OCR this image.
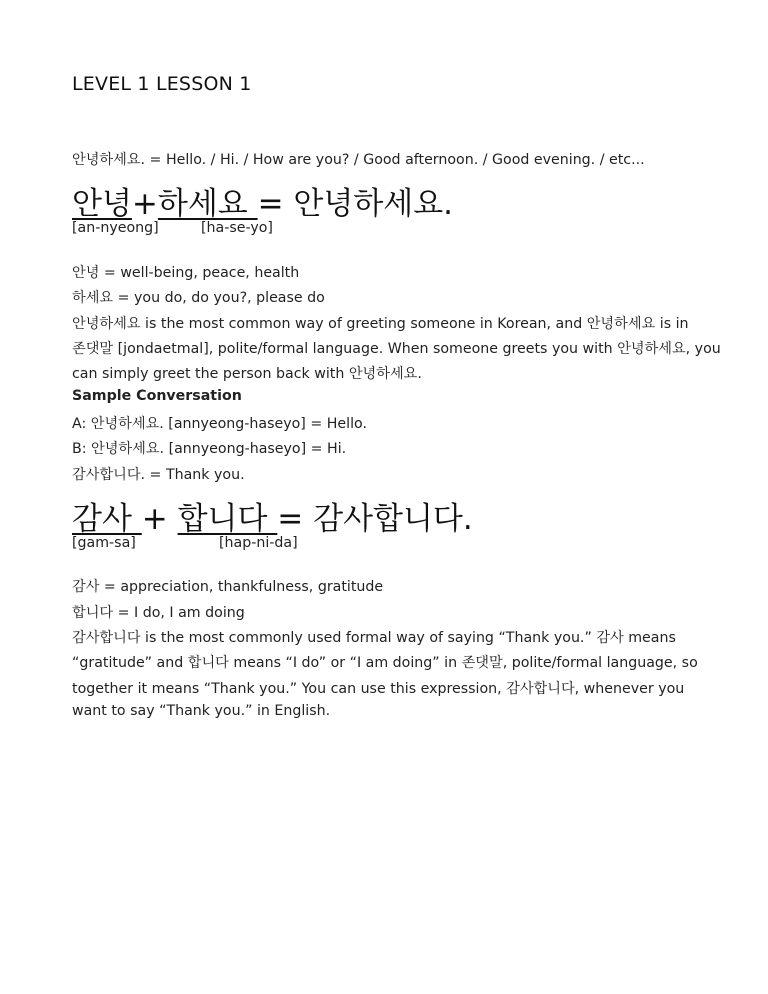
LEVEL 1 LESSON 1
안녕하세요. = Hello. / Hi. / How are you? / Good afternoon. / Good evening. / etc...
안녕+하세요 = 안녕하세요.
[an-nyeong]	[ha-se-yo]
안녕 = well-being, peace, health
하세요 = you do, do you?, please do
안녕하세요 is the most common way of greeting someone in Korean, and 안녕하세요 is in
존댓말 [jondaetmal], polite/formal language. When someone greets you with 안녕하세요, you
can simply greet the person back with 안녕하세요.
Sample Conversation
A: 안녕하세요. [annyeong-haseyo] = Hello.
B: 안녕하세요. [annyeong-haseyo] = Hi.
감사합니다. = Thank you.
감사 + 합니다 = 감사합니다.
[gam-sa]	[hap-ni-da]
감사 = appreciation, thankfulness, gratitude
합니다 = I do, I am doing
감사합니다 is the most commonly used formal way of saying “Thank you.” 감사 means
“gratitude” and 합니다 means “I do” or “I am doing” in 존댓말, polite/formal language, so
together it means “Thank you.” You can use this expression, 감사합니다, whenever you
want to say “Thank you.” in English.
